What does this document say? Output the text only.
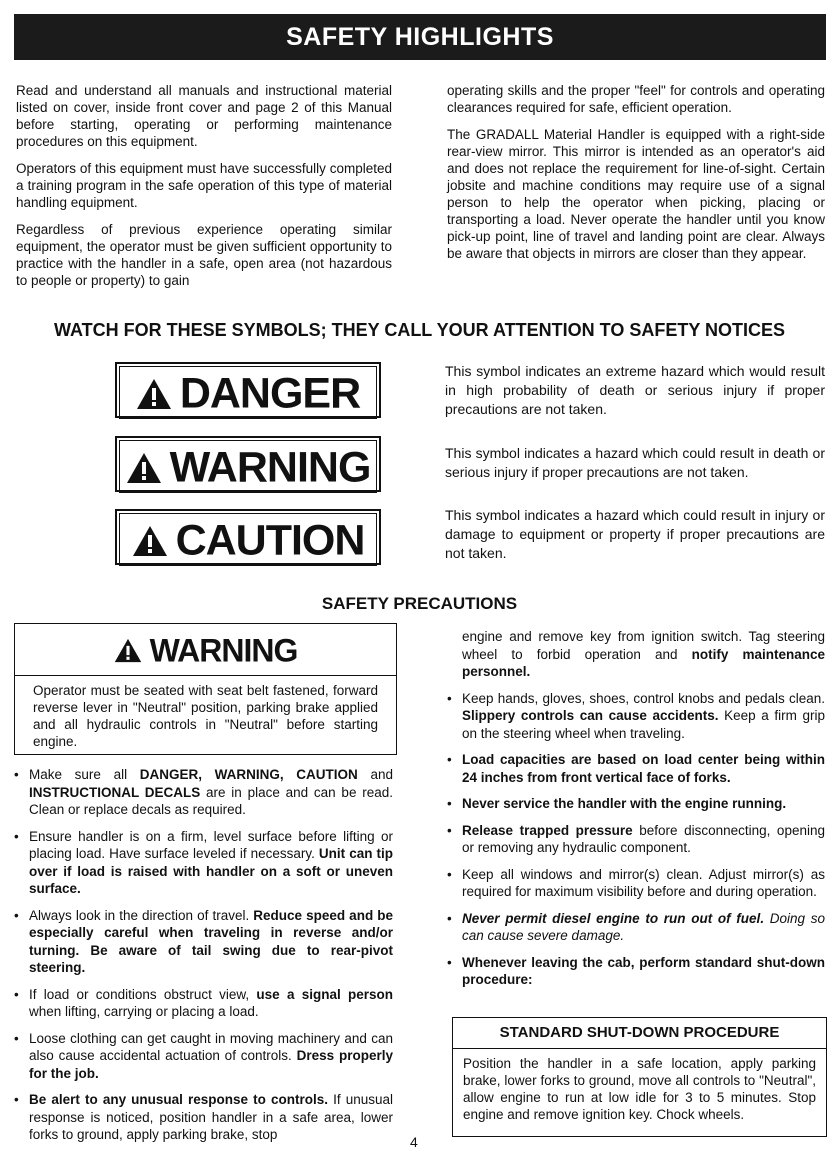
SAFETY HIGHLIGHTS

Read and understand all manuals and instructional material listed on cover, inside front cover and page 2 of this Manual before starting, operating or performing maintenance procedures on this equipment.

Operators of this equipment must have successfully completed a training program in the safe operation of this type of material handling equipment.

Regardless of previous experience operating similar equipment, the operator must be given sufficient opportunity to practice with the handler in a safe, open area (not hazardous to people or property) to gain

operating skills and the proper "feel" for controls and operating clearances required for safe, efficient operation.

The GRADALL Material Handler is equipped with a right-side rear-view mirror. This mirror is intended as an operator's aid and does not replace the requirement for line-of-sight. Certain jobsite and machine conditions may require use of a signal person to help the operator when picking, placing or transporting a load. Never operate the handler until you know pick-up point, line of travel and landing point are clear. Always be aware that objects in mirrors are closer than they appear.

WATCH FOR THESE SYMBOLS; THEY CALL YOUR ATTENTION TO SAFETY NOTICES
DANGER
WARNING
CAUTION
This symbol indicates an extreme hazard which would result in high probability of death or serious injury if proper precautions are not taken.
This symbol indicates a hazard which could result in death or serious injury if proper precautions are not taken.
This symbol indicates a hazard which could result in injury or damage to equipment or property if proper precautions are not taken.
SAFETY PRECAUTIONS
WARNING
Operator must be seated with seat belt fastened, forward reverse lever in "Neutral" position, parking brake applied and all hydraulic controls in "Neutral" before starting engine.
• Make sure all DANGER, WARNING, CAUTION and INSTRUCTIONAL DECALS are in place and can be read. Clean or replace decals as required.
• Ensure handler is on a firm, level surface before lifting or placing load. Have surface leveled if necessary. Unit can tip over if load is raised with handler on a soft or uneven surface.
• Always look in the direction of travel. Reduce speed and be especially careful when traveling in reverse and/or turning. Be aware of tail swing due to rear-pivot steering.
• If load or conditions obstruct view, use a signal person when lifting, carrying or placing a load.
• Loose clothing can get caught in moving machinery and can also cause accidental actuation of controls. Dress properly for the job.
• Be alert to any unusual response to controls. If unusual response is noticed, position handler in a safe area, lower forks to ground, apply parking brake, stop

engine and remove key from ignition switch. Tag steering wheel to forbid operation and notify maintenance personnel.

• Keep hands, gloves, shoes, control knobs and pedals clean. Slippery controls can cause accidents. Keep a firm grip on the steering wheel when traveling.
• Load capacities are based on load center being within 24 inches from front vertical face of forks.
• Never service the handler with the engine running.
• Release trapped pressure before disconnecting, opening or removing any hydraulic component.
• Keep all windows and mirror(s) clean. Adjust mirror(s) as required for maximum visibility before and during operation.
• Never permit diesel engine to run out of fuel. Doing so can cause severe damage.
• Whenever leaving the cab, perform standard shut-down procedure:
STANDARD SHUT-DOWN PROCEDURE
Position the handler in a safe location, apply parking brake, lower forks to ground, move all controls to "Neutral", allow engine to run at low idle for 3 to 5 minutes. Stop engine and remove ignition key. Chock wheels.
4
